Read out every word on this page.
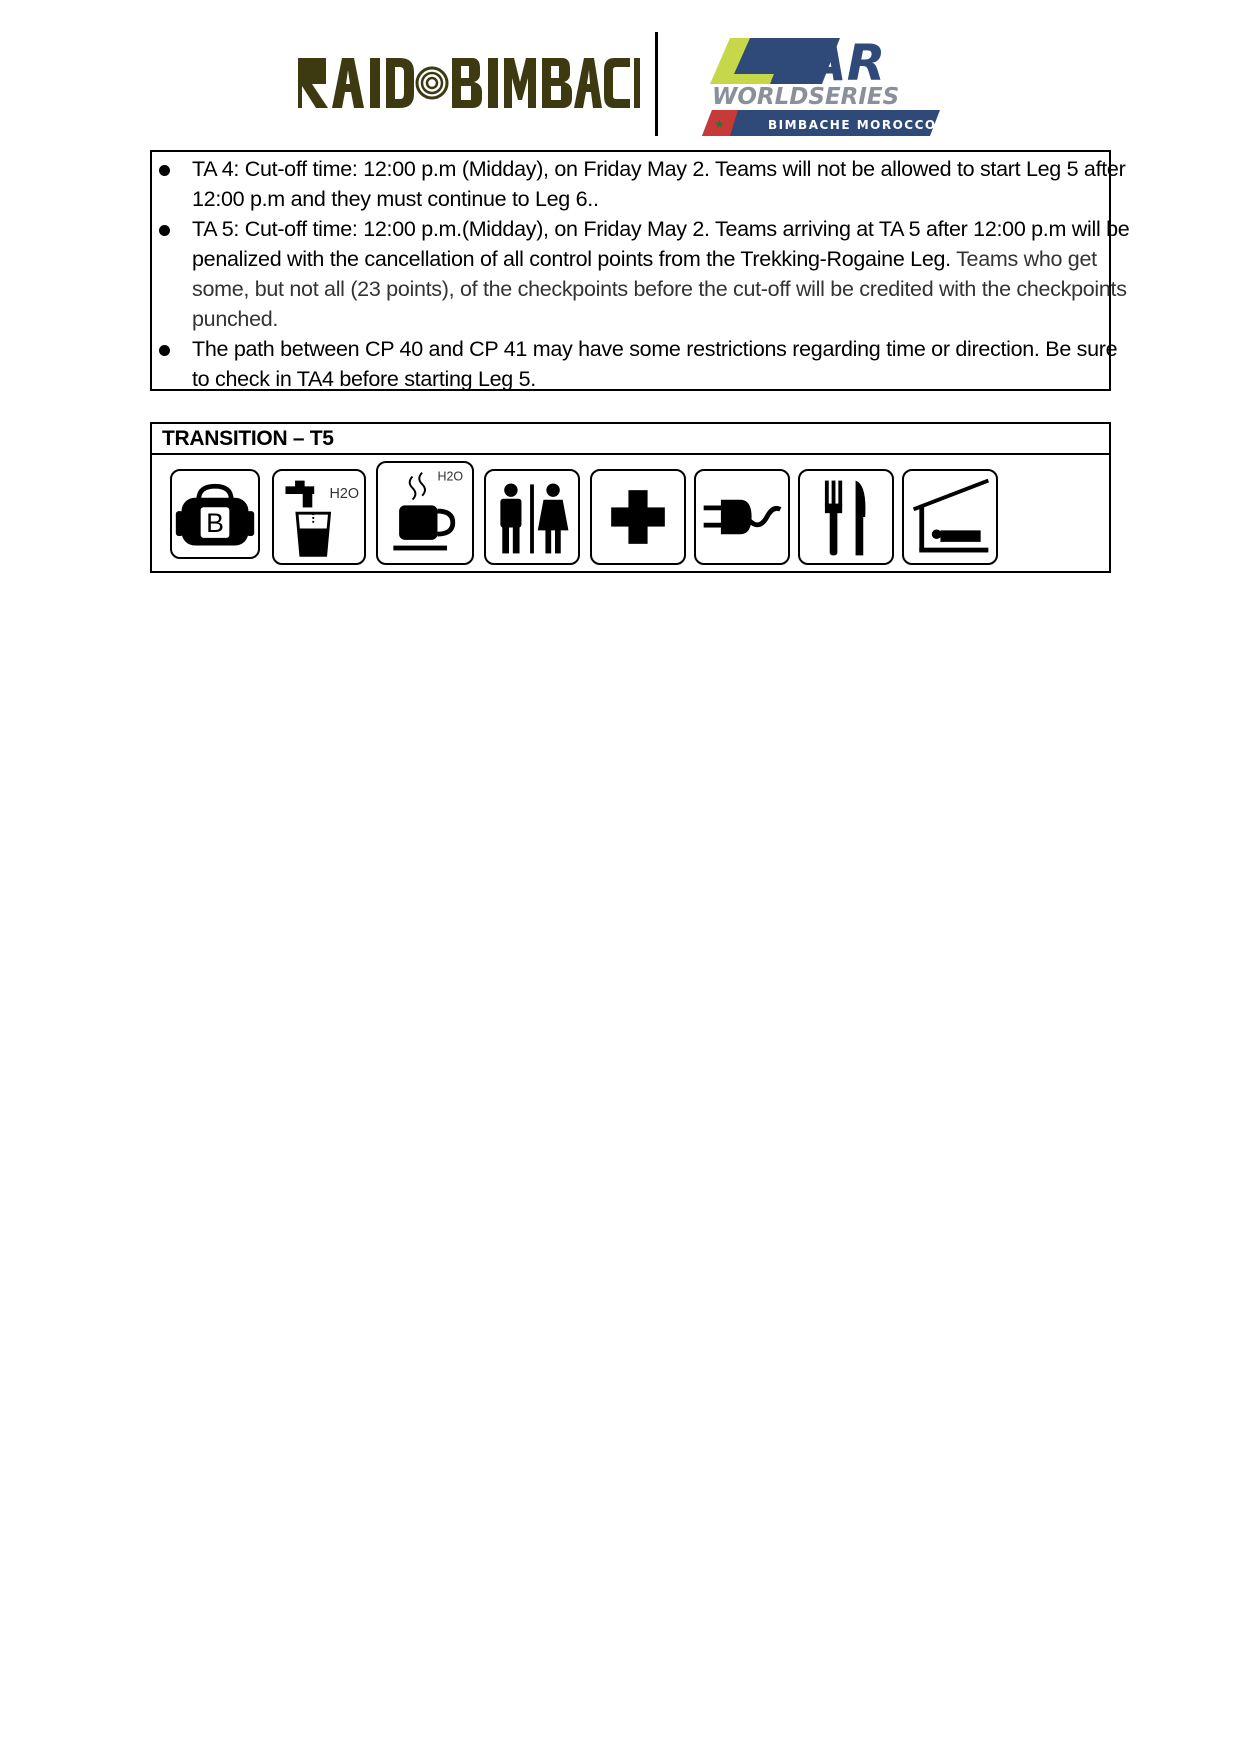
AR
WORLDSERIES
BIMBACHE MOROCCO 2025
★
TA 4: Cut-off time: 12:00 p.m (Midday), on Friday May 2. Teams will not be allowed to start Leg 5 after 12:00 p.m and they must continue to Leg 6..
TA 5: Cut-off time: 12:00 p.m.(Midday), on Friday May 2. Teams arriving at TA 5 after 12:00 p.m will be penalized with the cancellation of all control points from the Trekking-Rogaine Leg. Teams who get some, but not all (23 points), of the checkpoints before the cut-off will be credited with the checkpoints punched.
The path between CP 40 and CP 41 may have some restrictions regarding time or direction. Be sure to check in TA4 before starting Leg 5.
TRANSITION – T5
B
H2O
H2O
